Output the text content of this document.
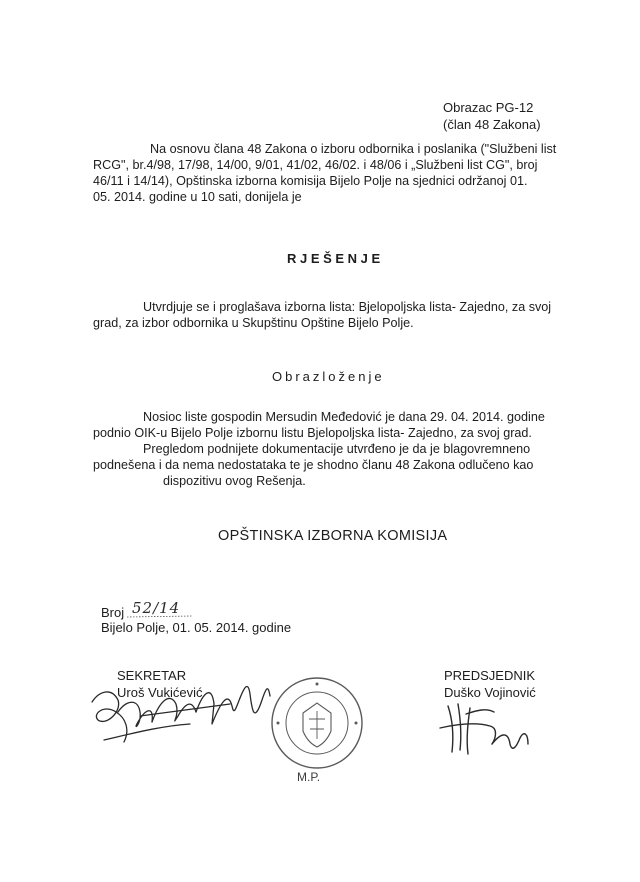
Obrazac PG-12
(član 48 Zakona)
Na osnovu člana 48 Zakona o izboru odbornika i poslanika ("Službeni list
RCG", br.4/98, 17/98, 14/00, 9/01, 41/02, 46/02. i 48/06 i „Službeni list CG", broj
46/11 i 14/14), Opštinska izborna komisija Bijelo Polje na sjednici održanoj 01.
05. 2014. godine u 10 sati, donijela je
RJEŠENJE
Utvrdjuje se i proglašava izborna lista: Bjelopoljska lista- Zajedno, za svoj
grad, za izbor odbornika u Skupštinu Opštine Bijelo Polje.
Obrazloženje
Nosioc liste gospodin Mersudin Međedović je dana 29. 04. 2014. godine
podnio OIK-u Bijelo Polje izbornu listu Bjelopoljska lista- Zajedno, za svoj grad.
Pregledom podnijete dokumentacije utvrđeno je da je blagovremneno
podnešena i da nema nedostataka te je shodno članu 48 Zakona odlučeno kao
dispozitivu ovog Rešenja.
OPŠTINSKA IZBORNA KOMISIJA
Broj 52/14
Bijelo Polje, 01. 05. 2014. godine
SEKRETAR
Uroš Vukićević
PREDSJEDNIK
Duško Vojinović
M.P.
